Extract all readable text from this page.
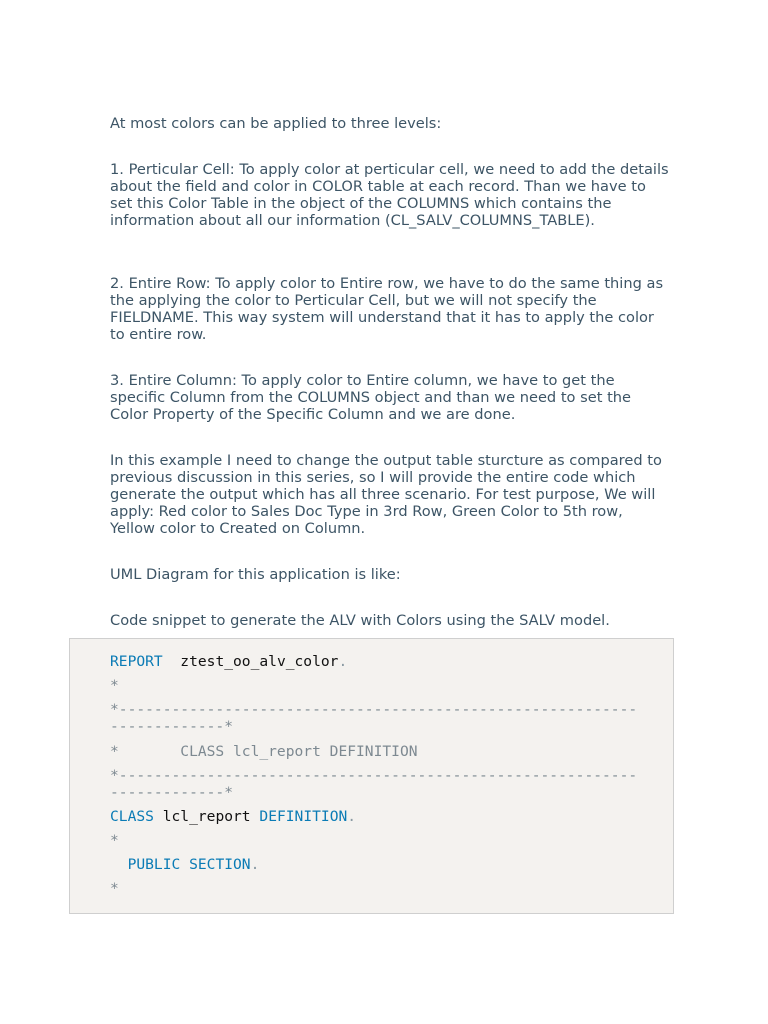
At most colors can be applied to three levels:

1. Perticular Cell: To apply color at perticular cell, we need to add the details about the field and color in COLOR table at each record. Than we have to set this Color Table in the object of the COLUMNS which contains the information about all our information (CL_SALV_COLUMNS_TABLE).

2. Entire Row: To apply color to Entire row, we have to do the same thing as the applying the color to Perticular Cell, but we will not specify the FIELDNAME. This way system will understand that it has to apply the color to entire row.

3. Entire Column: To apply color to Entire column, we have to get the specific Column from the COLUMNS object and than we need to set the Color Property of the Specific Column and we are done.

In this example I need to change the output table sturcture as compared to previous discussion in this series, so I will provide the entire code which generate the output which has all three scenario. For test purpose, We will apply: Red color to Sales Doc Type in 3rd Row, Green Color to 5th row, Yellow color to Created on Column.

UML Diagram for this application is like:

Code snippet to generate the ALV with Colors using the SALV model.

REPORT ztest_oo_alv_color.
*
*-----------------------------------------------------------
-------------*
*       CLASS lcl_report DEFINITION
*-----------------------------------------------------------
-------------*
CLASS lcl_report DEFINITION.
*
PUBLIC SECTION.
*
